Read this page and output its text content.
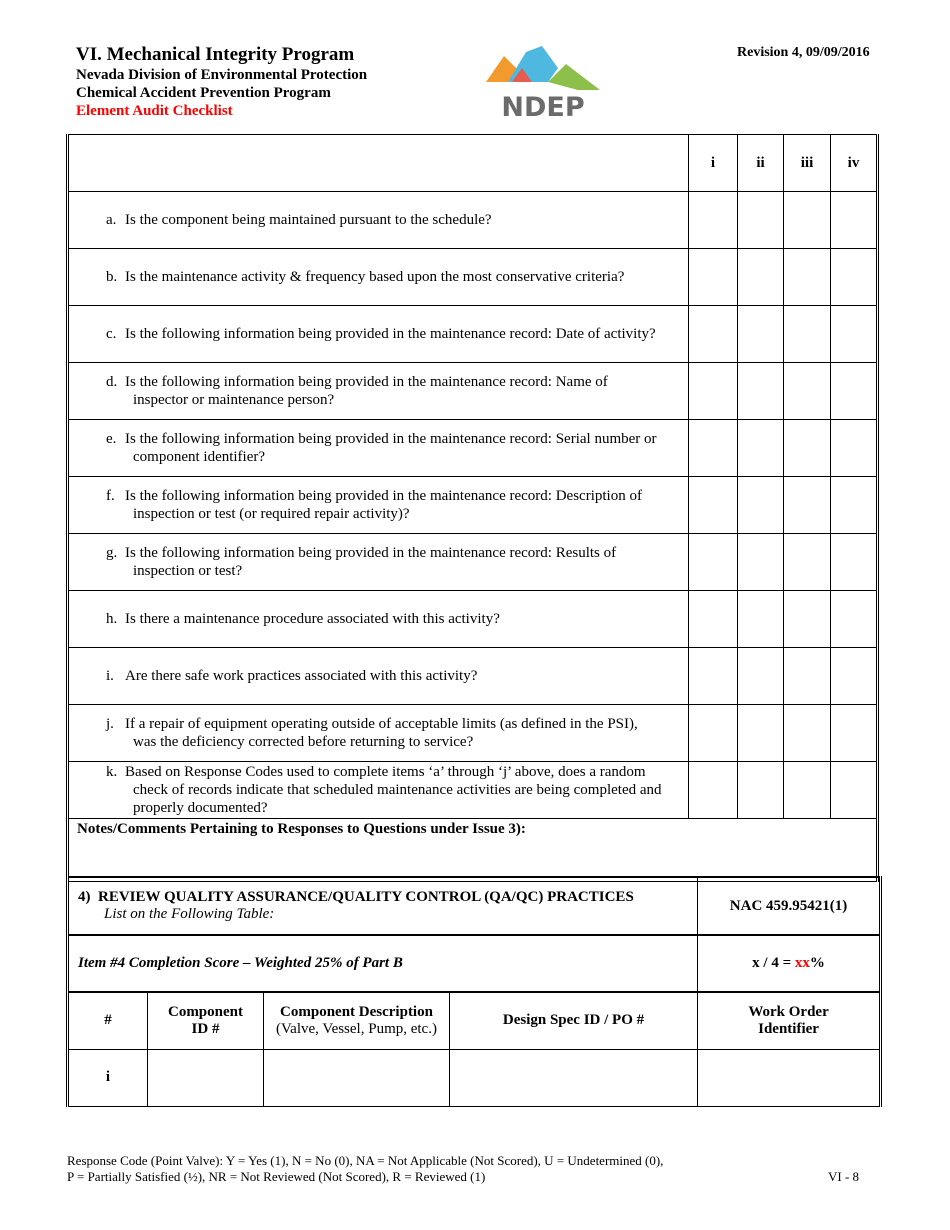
VI. Mechanical Integrity Program
Nevada Division of Environmental Protection
Chemical Accident Prevention Program
Element Audit Checklist	NDEP
Revision 4, 09/09/2016
	i	ii	iii	iv

a. Is the component being maintained pursuant to the schedule?				

b. Is the maintenance activity & frequency based upon the most conservative criteria?				

c. Is the following information being provided in the maintenance record: Date of activity?				

d. Is the following information being provided in the maintenance record: Name of
inspector or maintenance person?				

e. Is the following information being provided in the maintenance record: Serial number or
component identifier?				

f. Is the following information being provided in the maintenance record: Description of
inspection or test (or required repair activity)?				

g. Is the following information being provided in the maintenance record: Results of
inspection or test?				

h. Is there a maintenance procedure associated with this activity?				

i. Are there safe work practices associated with this activity?				

j. If a repair of equipment operating outside of acceptable limits (as defined in the PSI),
was the deficiency corrected before returning to service?				

k. Based on Response Codes used to complete items ‘a’ through ‘j’ above, does a random
check of records indicate that scheduled maintenance activities are being completed and
properly documented?				

Notes/Comments Pertaining to Responses to Questions under Issue 3):				
4) REVIEW QUALITY ASSURANCE/QUALITY CONTROL (QA/QC) PRACTICES
List on the Following Table:				NAC 459.95421(1)
Item #4 Completion Score – Weighted 25% of Part B				x / 4 = xx%
#	Component ID #	Component Description
(Valve, Vessel, Pump, etc.)	Design Spec ID / PO #	Work Order Identifier
i				
Response Code (Point Valve): Y = Yes (1), N = No (0), NA = Not Applicable (Not Scored), U = Undetermined (0),
P = Partially Satisfied (½), NR = Not Reviewed (Not Scored), R = Reviewed (1)	VI - 8
